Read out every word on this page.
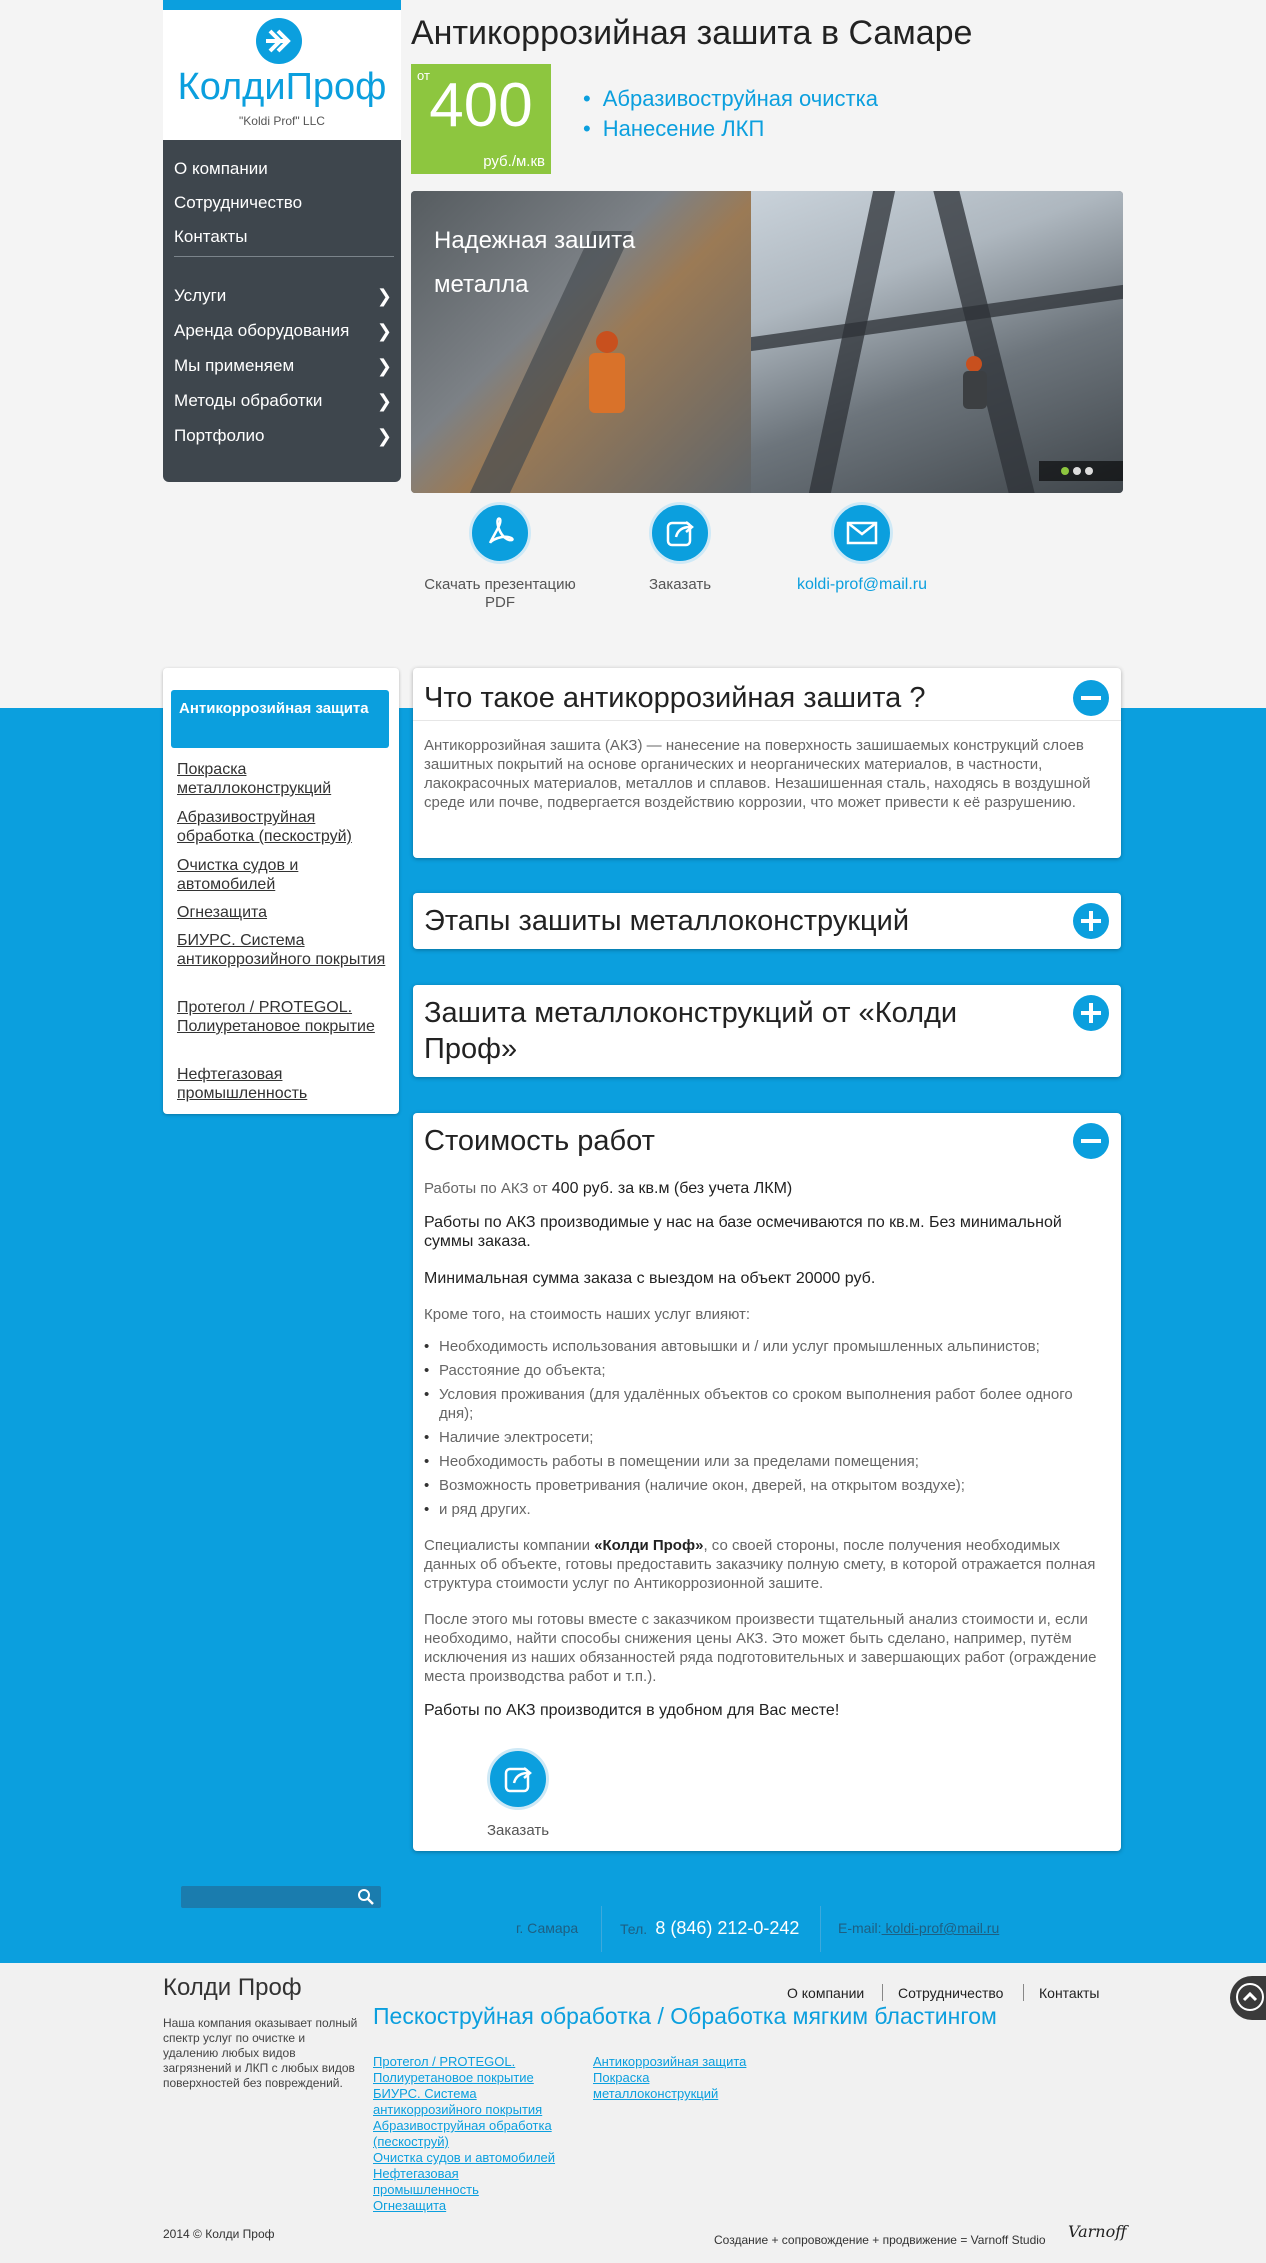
КолдиПроф
"Koldi Prof" LLC
О компании
Сотрудничество
Контакты
Услуги	❯
Аренда оборудования ❯
Мы применяем	❯
Методы обработки	❯
Портфолио	❯
Антикоррозийная зашита в Самаре
от 400
руб./м.кв
• Абразивоструйная очистка
• Нанесение ЛКП
Надежная зашита металла
Скачать презентацию PDF
Заказать	koldi-prof@mail.ru
Антикоррозийная защита
Покраска металлоконструкций
Абразивоструйная обработка (пескоструй)
Очистка судов и автомобилей
Огнезащита
БИУРС. Система антикоррозийного покрытия
Протегол / PROTEGOL. Полиуретановое покрытие
Нефтегазовая промышленность
Что такое антикоррозийная зашита ?
Антикоррозийная зашита (АКЗ) — нанесение на поверхность зашишаемых конструкций слоев зашитных покрытий на основе органических и неорганических материалов, в частности, лакокрасочных материалов, металлов и сплавов. Незашишенная сталь, находясь в воздушной среде или почве, подвергается воздействию коррозии, что может привести к её разрушению.
Этапы зашиты металлоконструкций
Зашита металлоконструкций от «Колди Проф»
Стоимость работ
Работы по АКЗ от 400 руб. за кв.м (без учета ЛКМ)
Работы по АКЗ производимые у нас на базе осмечиваются по кв.м. Без минимальной суммы заказа.
Минимальная сумма заказа с выездом на объект 20000 руб.
Кроме того, на стоимость наших услуг влияют:
• Необходимость использования автовышки и / или услуг промышленных альпинистов;
• Расстояние до объекта;
• Условия проживания (для удалённых объектов со сроком выполнения работ более одного дня);
• Наличие электросети;
• Необходимость работы в помещении или за пределами помещения;
• Возможность проветривания (наличие окон, дверей, на открытом воздухе);
• и ряд других.
Специалисты компании «Колди Проф», со своей стороны, после получения необходимых данных об объекте, готовы предоставить заказчику полную смету, в которой отражается полная структура стоимости услуг по Антикоррозионной зашите.
После этого мы готовы вместе с заказчиком произвести тщательный анализ стоимости и, если необходимо, найти способы снижения цены АКЗ. Это может быть сделано, например, путём исключения из наших обязанностей ряда подготовительных и завершающих работ (ограждение места производства работ и т.п.).
Работы по АКЗ производится в удобном для Вас месте!
Заказать
г. Самара	Тел. 8 (846) 212-0-242	E-mail: koldi-prof@mail.ru
Колди Проф
Наша компания оказывает полный спектр услуг по очистке и удалению любых видов загрязнений и ЛКП с любых видов поверхностей без повреждений.
Пескоструйная обработка / Обработка мягким бластингом
О компании Сотрудничество	Контакты
Протегол / PROTEGOL. Полиуретановое покрытие
БИУРС. Система антикоррозийного покрытия
Абразивоструйная обработка (пескоструй)
Очистка судов и автомобилей
Нефтегазовая промышленность
Огнезащита
Антикоррозийная защита
Покраска металлоконструкций
2014 © Колди Проф	Создание + сопровождение + продвижение = Varnoff Studio Varnoff
